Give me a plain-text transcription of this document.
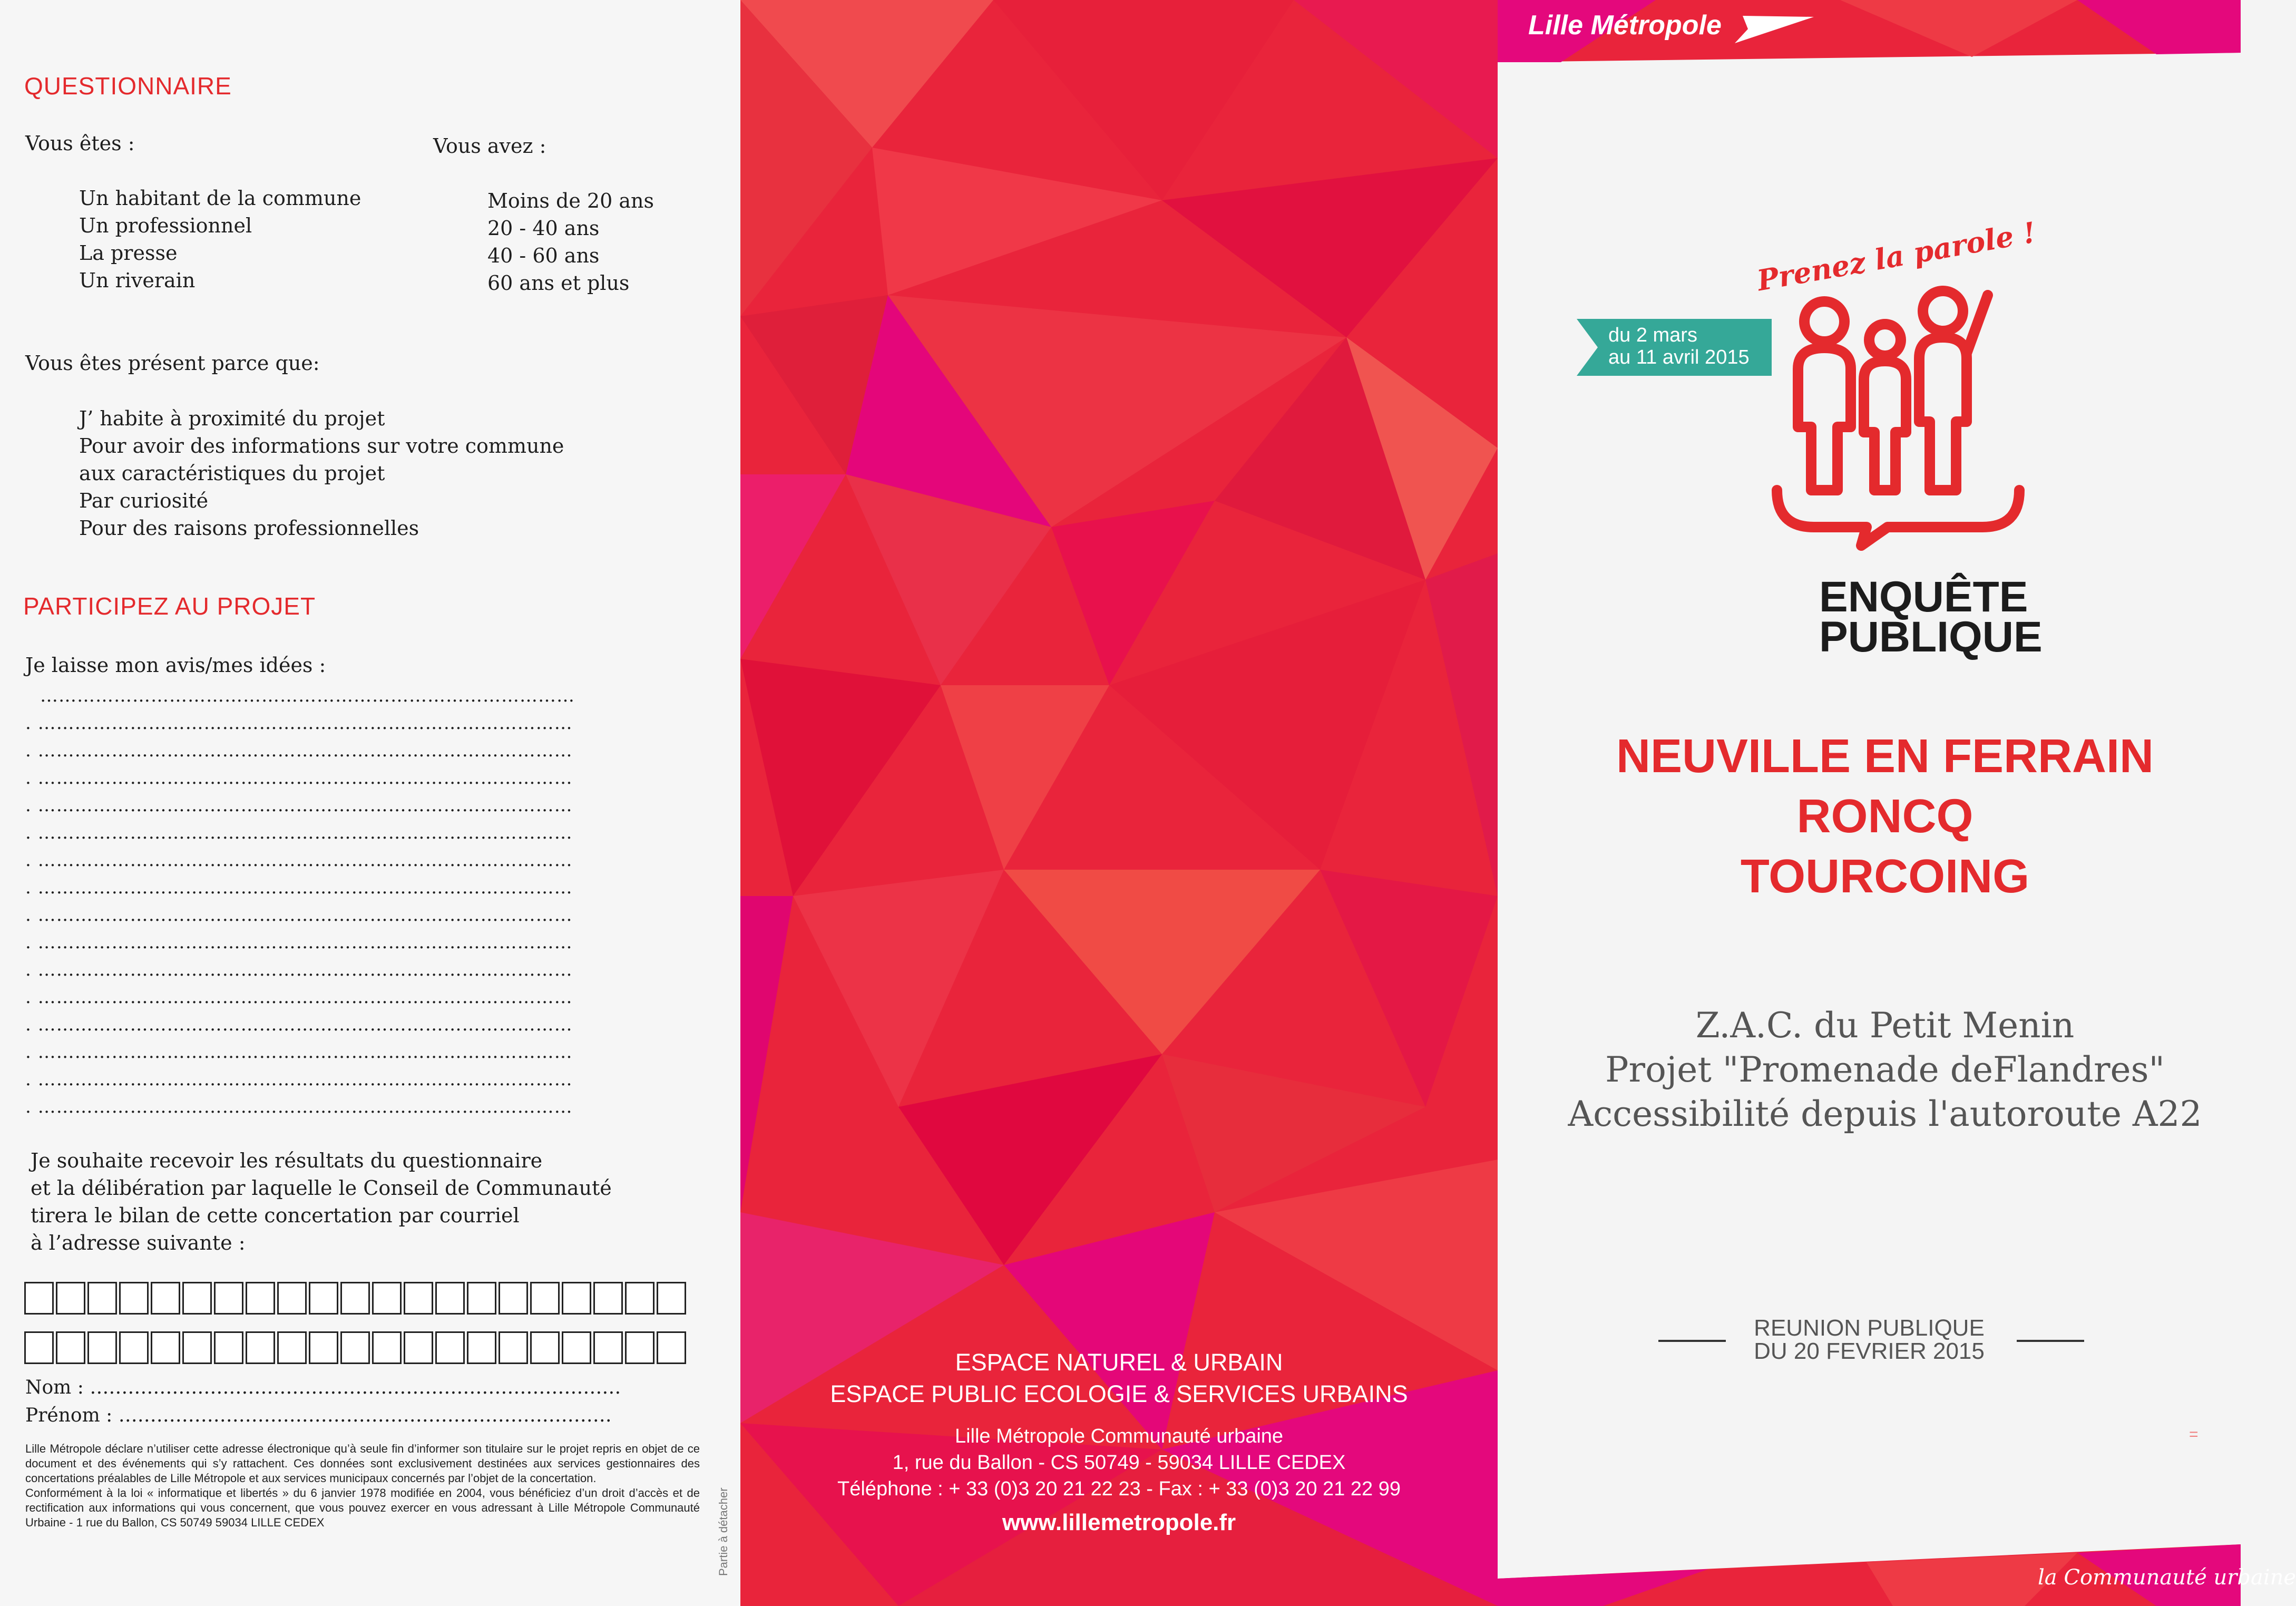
QUESTIONNAIRE
Vous êtes :
Un habitant de la commune
Un professionnel
La presse
Un riverain
Vous avez :
Moins de 20 ans
20 - 40 ans
40 - 60 ans
60 ans et plus
Vous êtes présent parce que:
J’ habite à proximité du projet
Pour avoir des informations sur votre commune
aux caractéristiques du projet
Par curiosité
Pour des raisons professionnelles
PARTICIPEZ AU PROJET
Je laisse mon avis/mes idées :
……………………………………………………………………………
. ……………………………………………………………………………
. ……………………………………………………………………………
. ……………………………………………………………………………
. ……………………………………………………………………………
. ……………………………………………………………………………
. ……………………………………………………………………………
. ……………………………………………………………………………
. ……………………………………………………………………………
. ……………………………………………………………………………
. ……………………………………………………………………………
. ……………………………………………………………………………
. ……………………………………………………………………………
. ……………………………………………………………………………
. ……………………………………………………………………………
. ……………………………………………………………………………
Je souhaite recevoir les résultats du questionnaire
et la délibération par laquelle le Conseil de Communauté
tirera le bilan de cette concertation par courriel
à l’adresse suivante :
Nom : …………………………………………………………………………
Prénom : ……………………………………………………………………

Lille Métropole déclare n’utiliser cette adresse électronique qu’à seule fin d’informer son titulaire sur le projet repris en objet de ce document et des événements qui s’y rattachent. Ces données sont exclusivement destinées aux services gestionnaires des concertations préalables de Lille Métropole et aux services municipaux concernés par l’objet de la concertation.

Conformément à la loi « informatique et libertés » du 6 janvier 1978 modifiée en 2004, vous bénéficiez d’un droit d’accès et de rectification aux informations qui vous concernent, que vous pouvez exercer en vous adressant à Lille Métropole Communauté Urbaine - 1 rue du Ballon, CS 50749 59034 LILLE CEDEX	Partie à détacher
ESPACE NATUREL & URBAIN
ESPACE PUBLIC ECOLOGIE & SERVICES URBAINS
Lille Métropole Communauté urbaine
1, rue du Ballon - CS 50749 - 59034 LILLE CEDEX
Téléphone : + 33 (0)3 20 21 22 23 - Fax : + 33 (0)3 20 21 22 99
www.lillemetropole.fr
Lille Métropole
Prenez la parole !
ENQUÊTE
PUBLIQUE
du 2 mars
au 11 avril 2015
NEUVILLE EN FERRAIN
RONCQ
TOURCOING
Z.A.C. du Petit Menin
Projet "Promenade deFlandres"
Accessibilité depuis l'autoroute A22
REUNION PUBLIQUE
DU 20 FEVRIER 2015
=
la Communauté urbaine
